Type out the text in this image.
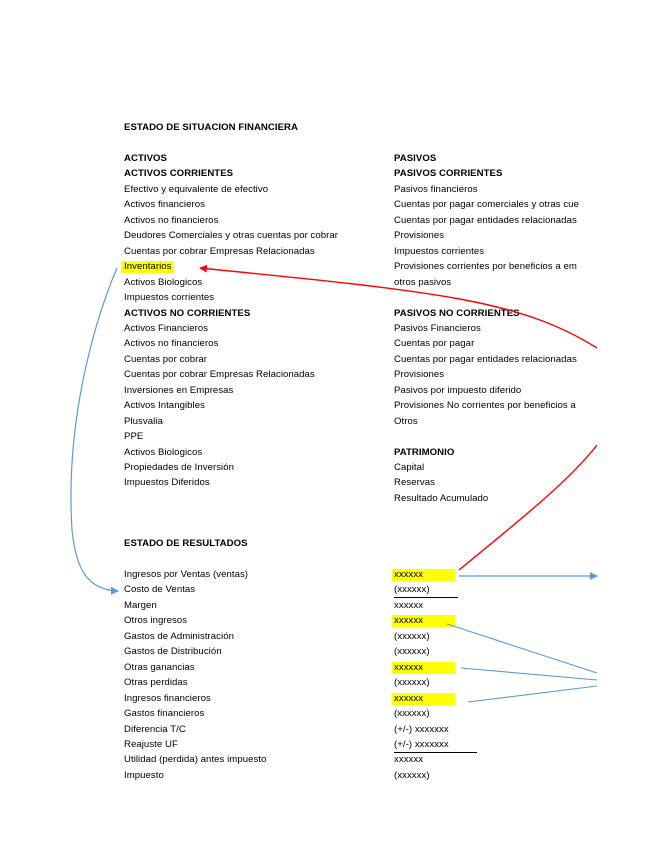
ESTADO DE SITUACION FINANCIERA
ACTIVOS
ACTIVOS CORRIENTES
Efectivo y equivalente de efectivo
Activos financieros
Activos no financieros
Deudores Comerciales y otras cuentas por cobrar
Cuentas por cobrar Empresas Relacionadas
Inventarios
Activos Biologicos
Impuestos corrientes
ACTIVOS NO CORRIENTES
Activos Financieros
Activos no financieros
Cuentas por cobrar
Cuentas por cobrar Empresas Relacionadas
Inversiones en Empresas
Activos Intangibles
Plusvalia
PPE
Activos Biologicos
Propiedades de Inversión
Impuestos Diferidos
PASIVOS
PASIVOS CORRIENTES
Pasivos financieros
Cuentas por pagar comerciales y otras cue
Cuentas por pagar entidades relacionadas
Provisiones
Impuestos corrientes
Provisiones corrientes por beneficios a em
otros pasivos
PASIVOS NO CORRIENTES
Pasivos Financieros
Cuentas por pagar
Cuentas por pagar entidades relacionadas
Provisiones
Pasivos por impuesto diferido
Provisiones No corrientes por beneficios a
Otros
PATRIMONIO
Capital
Reservas
Resultado Acumulado
ESTADO DE RESULTADOS
Ingresos por Ventas (ventas)	xxxxxx
Costo de Ventas	(xxxxxx)
Margen	xxxxxx
Otros ingresos	xxxxxx
Gastos de Administración	(xxxxxx)
Gastos de Distribución	(xxxxxx)
Otras ganancias	xxxxxx
Otras perdidas	(xxxxxx)
Ingresos financieros	xxxxxx
Gastos financieros	(xxxxxx)
Diferencia T/C	(+/-) xxxxxxx
Reajuste UF	(+/-) xxxxxxx
Utilidad (perdida) antes impuesto	xxxxxx
Impuesto	(xxxxxx)
